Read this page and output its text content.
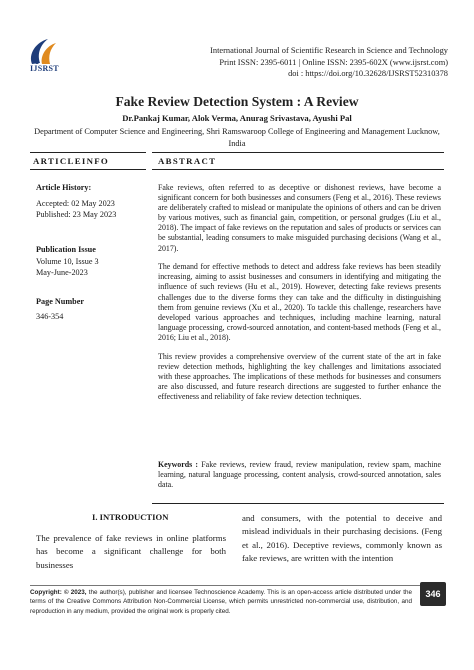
IJSRST
International Journal of Scientific Research in Science and Technology
Print ISSN: 2395-6011 | Online ISSN: 2395-602X (www.ijsrst.com)
doi : https://doi.org/10.32628/IJSRST52310378
Fake Review Detection System : A Review
Dr.Pankaj Kumar, Alok Verma, Anurag Srivastava, Ayushi Pal
Department of Computer Science and Engineering, Shri Ramswaroop College of Engineering and Management Lucknow, India
ARTICLEINFO	ABSTRACT
Article History:
Accepted: 02 May 2023
Published: 23 May 2023
Publication Issue
Volume 10, Issue 3
May-June-2023
Page Number
346-354

Fake reviews, often referred to as deceptive or dishonest reviews, have become a significant concern for both businesses and consumers (Feng et al., 2016). These reviews are deliberately crafted to mislead or manipulate the opinions of others and can be driven by various motives, such as financial gain, competition, or personal grudges (Liu et al., 2018). The impact of fake reviews on the reputation and sales of products or services can be substantial, leading consumers to make misguided purchasing decisions (Wang et al., 2017).

The demand for effective methods to detect and address fake reviews has been steadily increasing, aiming to assist businesses and consumers in identifying and mitigating the influence of such reviews (Hu et al., 2019). However, detecting fake reviews presents challenges due to the diverse forms they can take and the difficulty in distinguishing them from genuine reviews (Xu et al., 2020). To tackle this challenge, researchers have developed various approaches and techniques, including machine learning, natural language processing, crowd-sourced annotation, and content-based methods (Feng et al., 2016; Liu et al., 2018).

This review provides a comprehensive overview of the current state of the art in fake review detection methods, highlighting the key challenges and limitations associated with these approaches. The implications of these methods for businesses and consumers are also discussed, and future research directions are suggested to further enhance the effectiveness and reliability of fake review detection techniques.

Keywords : Fake reviews, review fraud, review manipulation, review spam, machine learning, natural language processing, content analysis, crowd-sourced annotation, sales data.
I. INTRODUCTION
The prevalence of fake reviews in online platforms has become a significant challenge for both businesses
and consumers, with the potential to deceive and mislead individuals in their purchasing decisions. (Feng et al., 2016). Deceptive reviews, commonly known as fake reviews, are written with the intention
Copyright: © 2023, the author(s), publisher and licensee Technoscience Academy. This is an open-access article distributed under the terms of the Creative Commons Attribution Non-Commercial License, which permits unrestricted non-commercial use, distribution, and reproduction in any medium, provided the original work is properly cited.
346
